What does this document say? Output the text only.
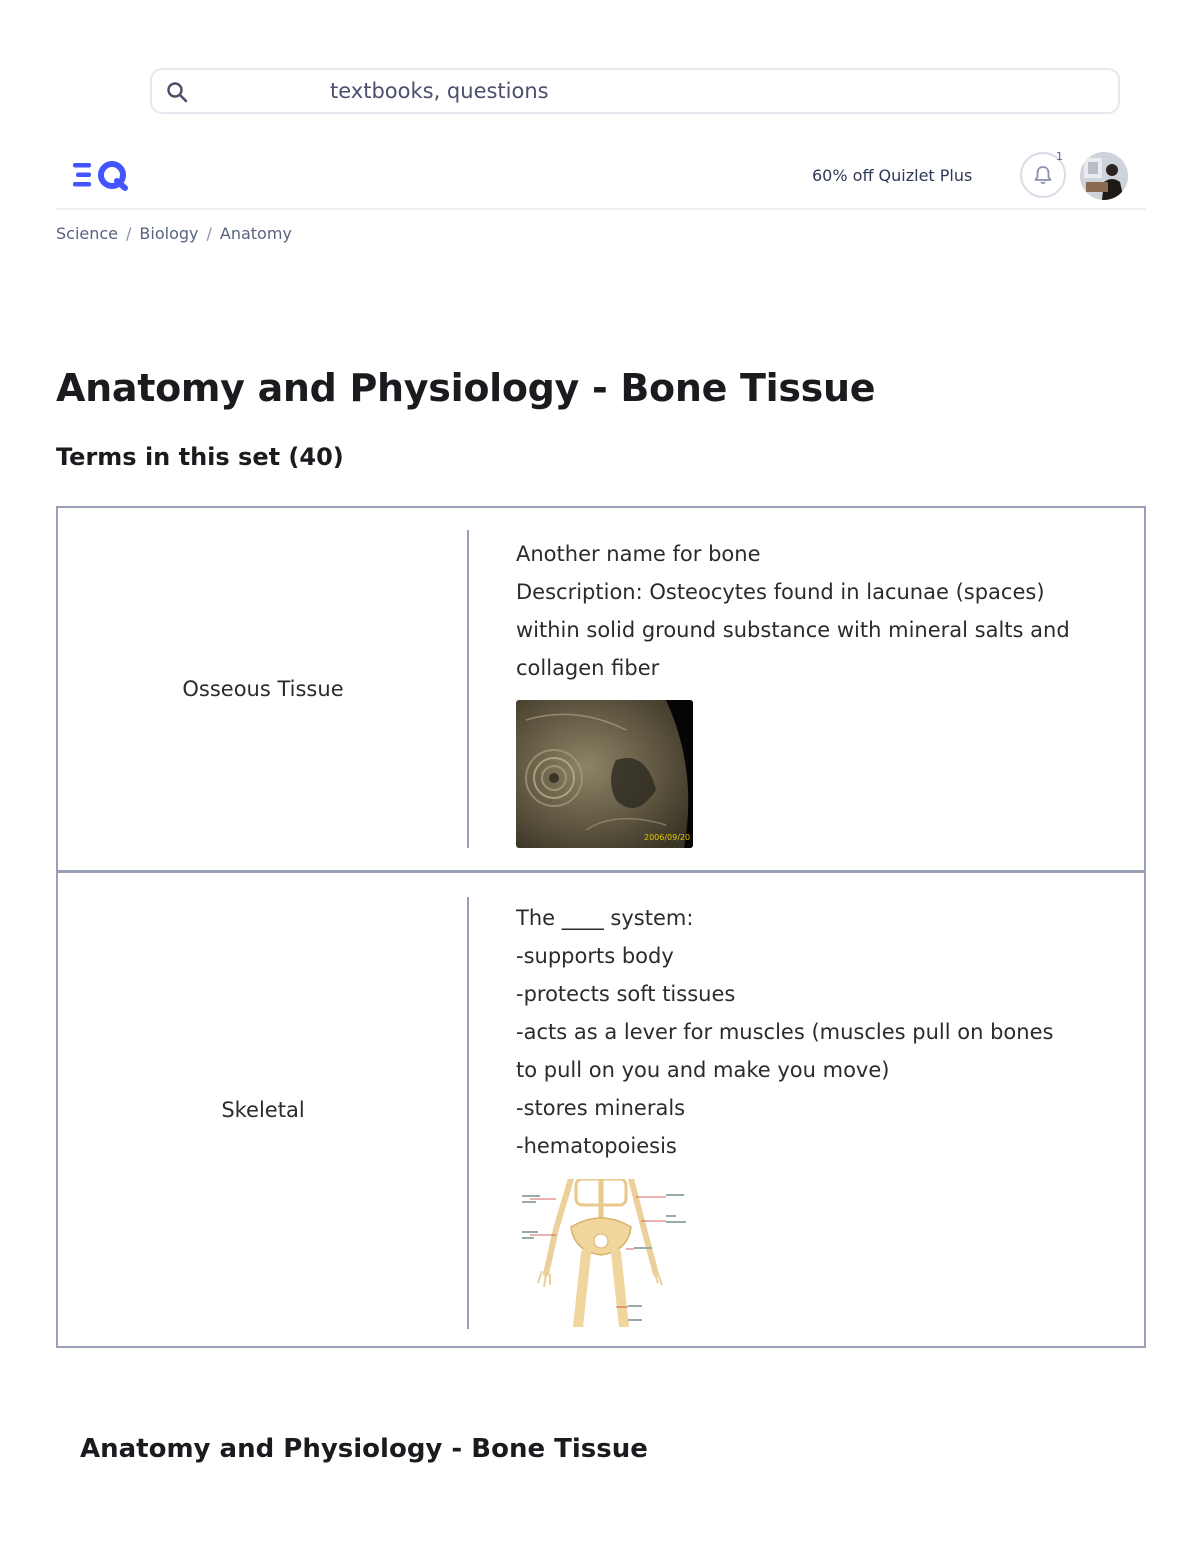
textbooks, questions
60% off Quizlet Plus
1
Science / Biology / Anatomy
Anatomy and Physiology - Bone Tissue
Terms in this set (40)
Osseous Tissue
Another name for bone
Description: Osteocytes found in lacunae (spaces)
within solid ground substance with mineral salts and
collagen fiber
2006/09/20
Skeletal
The ____ system:
-supports body
-protects soft tissues
-acts as a lever for muscles (muscles pull on bones
to pull on you and make you move)
-stores minerals
-hematopoiesis
Anatomy and Physiology - Bone Tissue
